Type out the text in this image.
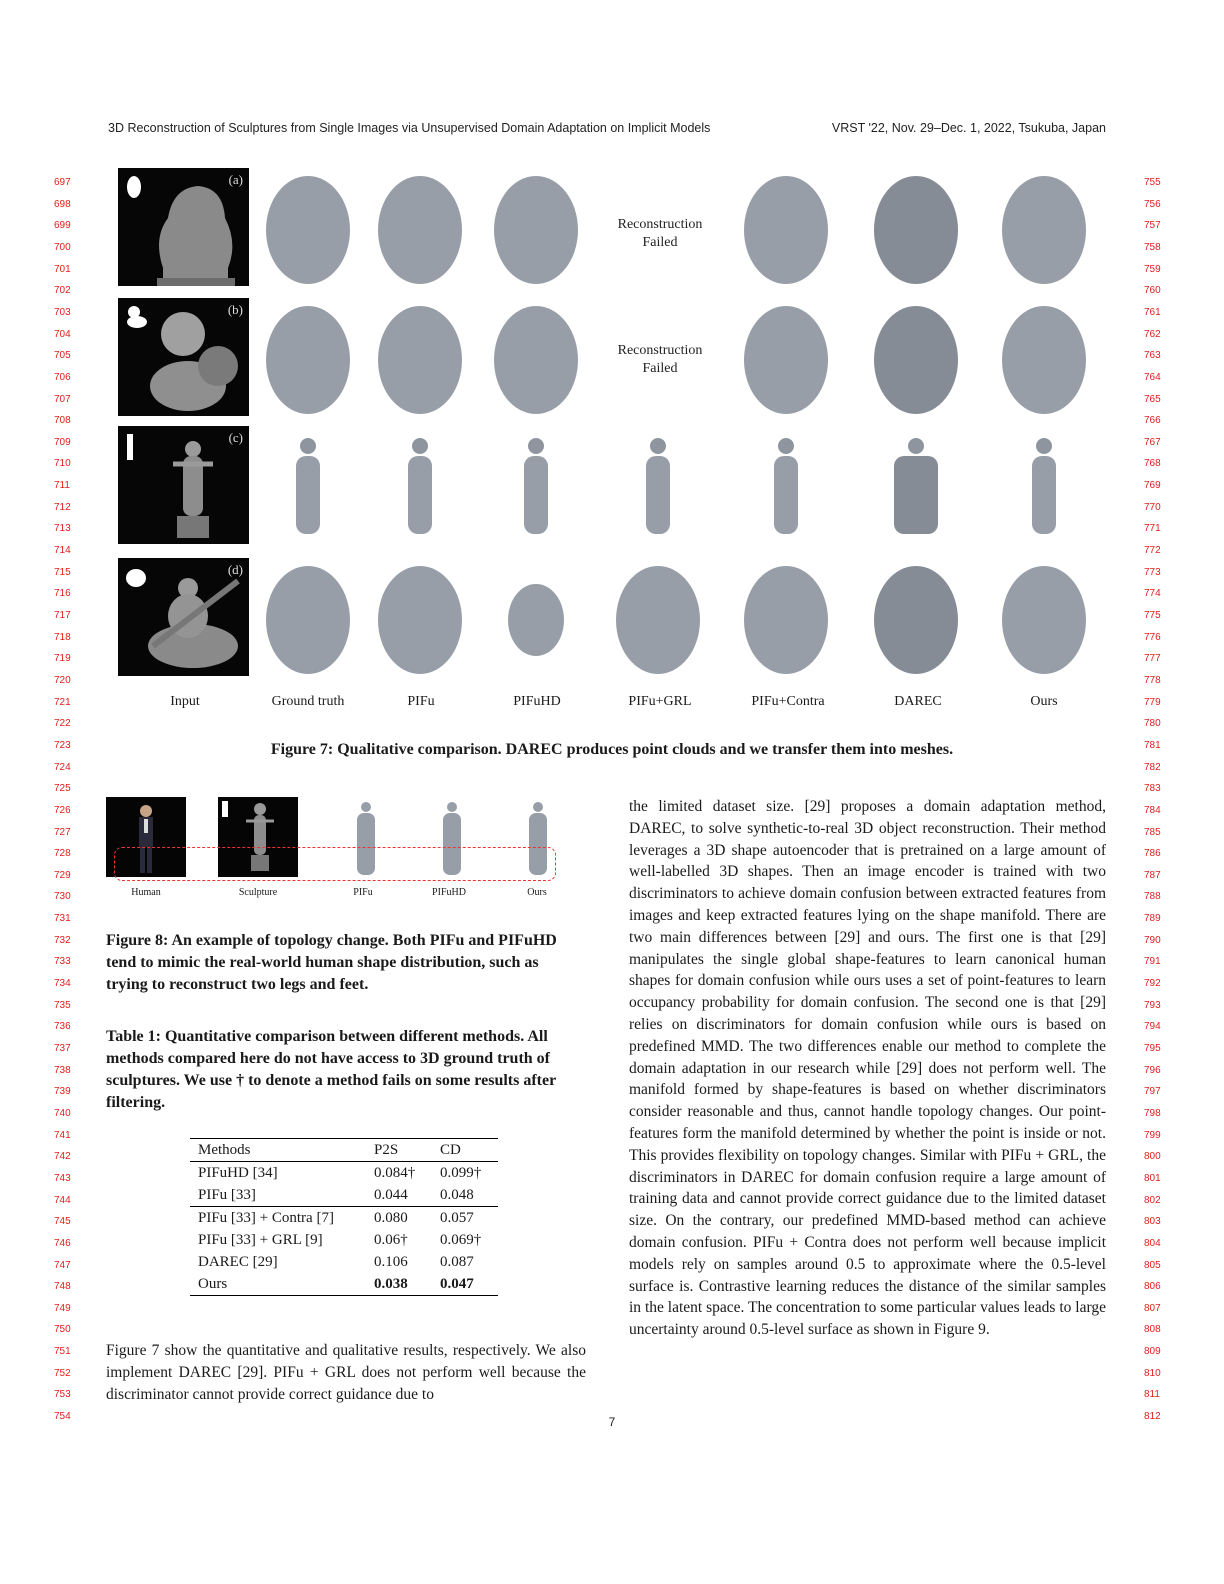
3D Reconstruction of Sculptures from Single Images via Unsupervised Domain Adaptation on Implicit Models	VRST '22, Nov. 29–Dec. 1, 2022, Tsukuba, Japan
697
698
699
700
701
702
703
704
705
706
707
708
709
710
711
712
713
714
715
716
717
718
719
720
721
722
723
724
725
726
727
728
729
730
731
732
733
734
735
736
737
738
739
740
741
742
743
744
745
746
747
748
749
750
751
752
753
754
755
756
757
758
759
760
761
762
763
764
765
766
767
768
769
770
771
772
773
774
775
776
777
778
779
780
781
782
783
784
785
786
787
788
789
790
791
792
793
794
795
796
797
798
799
800
801
802
803
804
805
806
807
808
809
810
811
812
(a)
(b)
(c)
(d)
Reconstruction
Failed
Reconstruction
Failed
Input	Ground truth	PIFu	PIFuHD	PIFu+GRL	PIFu+Contra	DAREC	Ours
Figure 7: Qualitative comparison. DAREC produces point clouds and we transfer them into meshes.
Human	Sculpture	PIFu	PIFuHD	Ours
Figure 8: An example of topology change. Both PIFu and PIFuHD tend to mimic the real-world human shape distribution, such as trying to reconstruct two legs and feet.
Table 1: Quantitative comparison between different methods. All methods compared here do not have access to 3D ground truth of sculptures. We use † to denote a method fails on some results after filtering.
Methods	P2S	CD
PIFuHD [34]	0.084†	0.099†
PIFu [33]	0.044	0.048
PIFu [33] + Contra [7]	0.080	0.057
PIFu [33] + GRL [9]	0.06†	0.069†
DAREC [29]	0.106	0.087
Ours	0.038	0.047
Figure 7 show the quantitative and qualitative results, respectively. We also implement DAREC [29]. PIFu + GRL does not perform well because the discriminator cannot provide correct guidance due to
the limited dataset size. [29] proposes a domain adaptation method, DAREC, to solve synthetic-to-real 3D object reconstruction. Their method leverages a 3D shape autoencoder that is pretrained on a large amount of well-labelled 3D shapes. Then an image encoder is trained with two discriminators to achieve domain confusion between extracted features from images and keep extracted features lying on the shape manifold. There are two main differences between [29] and ours. The first one is that [29] manipulates the single global shape-features to learn canonical human shapes for domain confusion while ours uses a set of point-features to learn occupancy probability for domain confusion. The second one is that [29] relies on discriminators for domain confusion while ours is based on predefined MMD. The two differences enable our method to complete the domain adaptation in our research while [29] does not perform well. The manifold formed by shape-features is based on whether discriminators consider reasonable and thus, cannot handle topology changes. Our point-features form the manifold determined by whether the point is inside or not. This provides flexibility on topology changes. Similar with PIFu + GRL, the discriminators in DAREC for domain confusion require a large amount of training data and cannot provide correct guidance due to the limited dataset size. On the contrary, our predefined MMD-based method can achieve domain confusion. PIFu + Contra does not perform well because implicit models rely on samples around 0.5 to approximate where the 0.5-level surface is. Contrastive learning reduces the distance of the similar samples in the latent space. The concentration to some particular values leads to large uncertainty around 0.5-level surface as shown in Figure 9.
7
